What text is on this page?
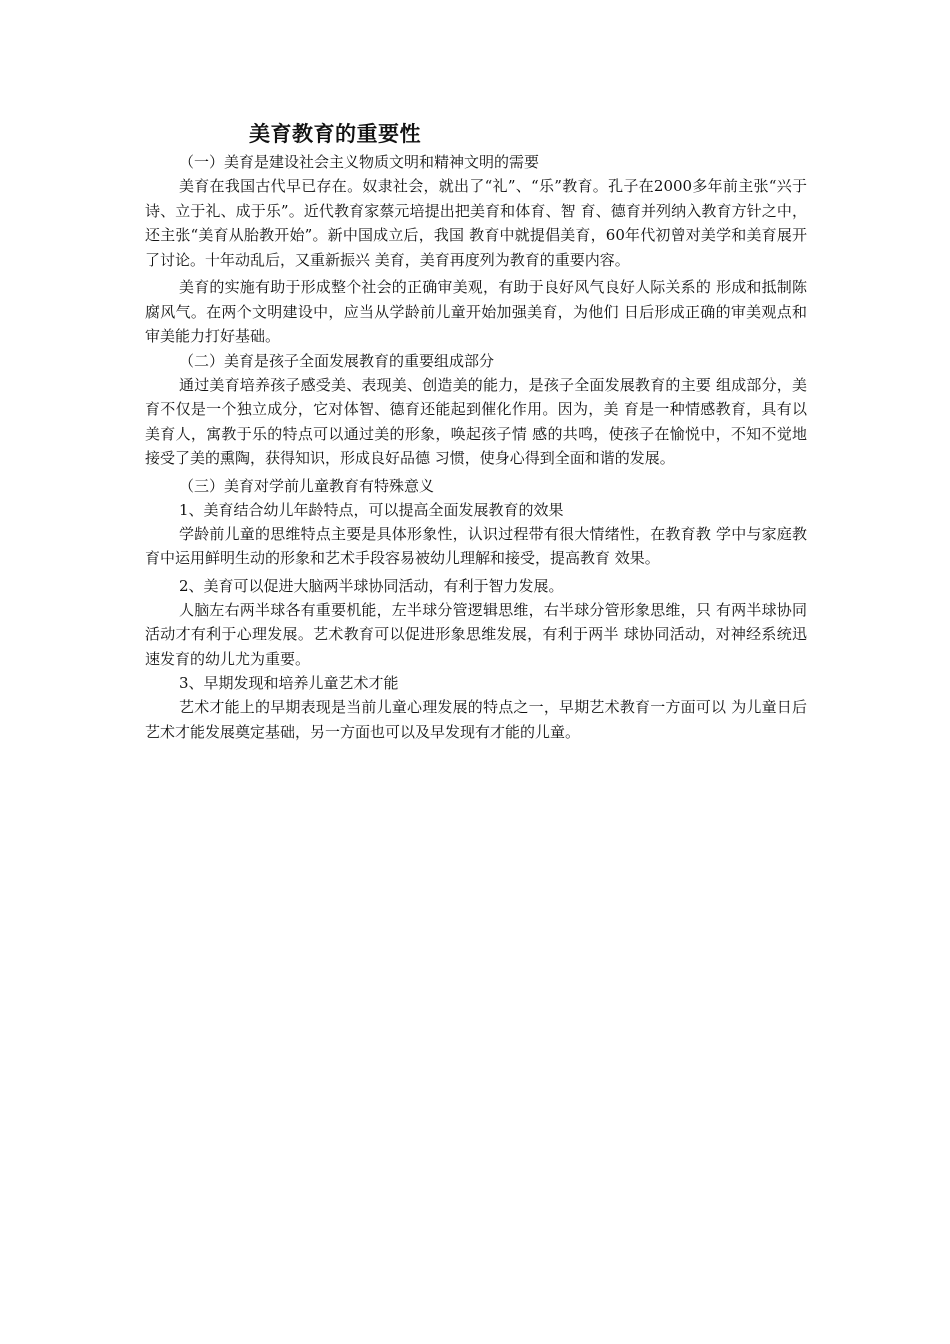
美育教育的重要性

（一）美育是建设社会主义物质文明和精神文明的需要

美育在我国古代早已存在。奴隶社会，就出了“礼”、“乐”教育。孔子在2000多年前主张“兴于诗、立于礼、成于乐”。近代教育家蔡元培提出把美育和体育、智 育、德育并列纳入教育方针之中，还主张“美育从胎教开始”。新中国成立后，我国 教育中就提倡美育，60年代初曾对美学和美育展开了讨论。十年动乱后，又重新振兴 美育，美育再度列为教育的重要内容。

美育的实施有助于形成整个社会的正确审美观，有助于良好风气良好人际关系的 形成和抵制陈腐风气。在两个文明建设中，应当从学龄前儿童开始加强美育，为他们 日后形成正确的审美观点和审美能力打好基础。

（二）美育是孩子全面发展教育的重要组成部分

通过美育培养孩子感受美、表现美、创造美的能力，是孩子全面发展教育的主要 组成部分，美育不仅是一个独立成分，它对体智、德育还能起到催化作用。因为，美 育是一种情感教育，具有以美育人，寓教于乐的特点可以通过美的形象，唤起孩子情 感的共鸣，使孩子在愉悦中，不知不觉地接受了美的熏陶，获得知识，形成良好品德 习惯，使身心得到全面和谐的发展。

（三）美育对学前儿童教育有特殊意义

1、美育结合幼儿年龄特点，可以提高全面发展教育的效果

学龄前儿童的思维特点主要是具体形象性，认识过程带有很大情绪性，在教育教 学中与家庭教育中运用鲜明生动的形象和艺术手段容易被幼儿理解和接受，提高教育 效果。

2、美育可以促进大脑两半球协同活动，有利于智力发展。

人脑左右两半球各有重要机能，左半球分管逻辑思维，右半球分管形象思维，只 有两半球协同活动才有利于心理发展。艺术教育可以促进形象思维发展，有利于两半 球协同活动，对神经系统迅速发育的幼儿尤为重要。

3、早期发现和培养儿童艺术才能

艺术才能上的早期表现是当前儿童心理发展的特点之一，早期艺术教育一方面可以 为儿童日后艺术才能发展奠定基础，另一方面也可以及早发现有才能的儿童。
